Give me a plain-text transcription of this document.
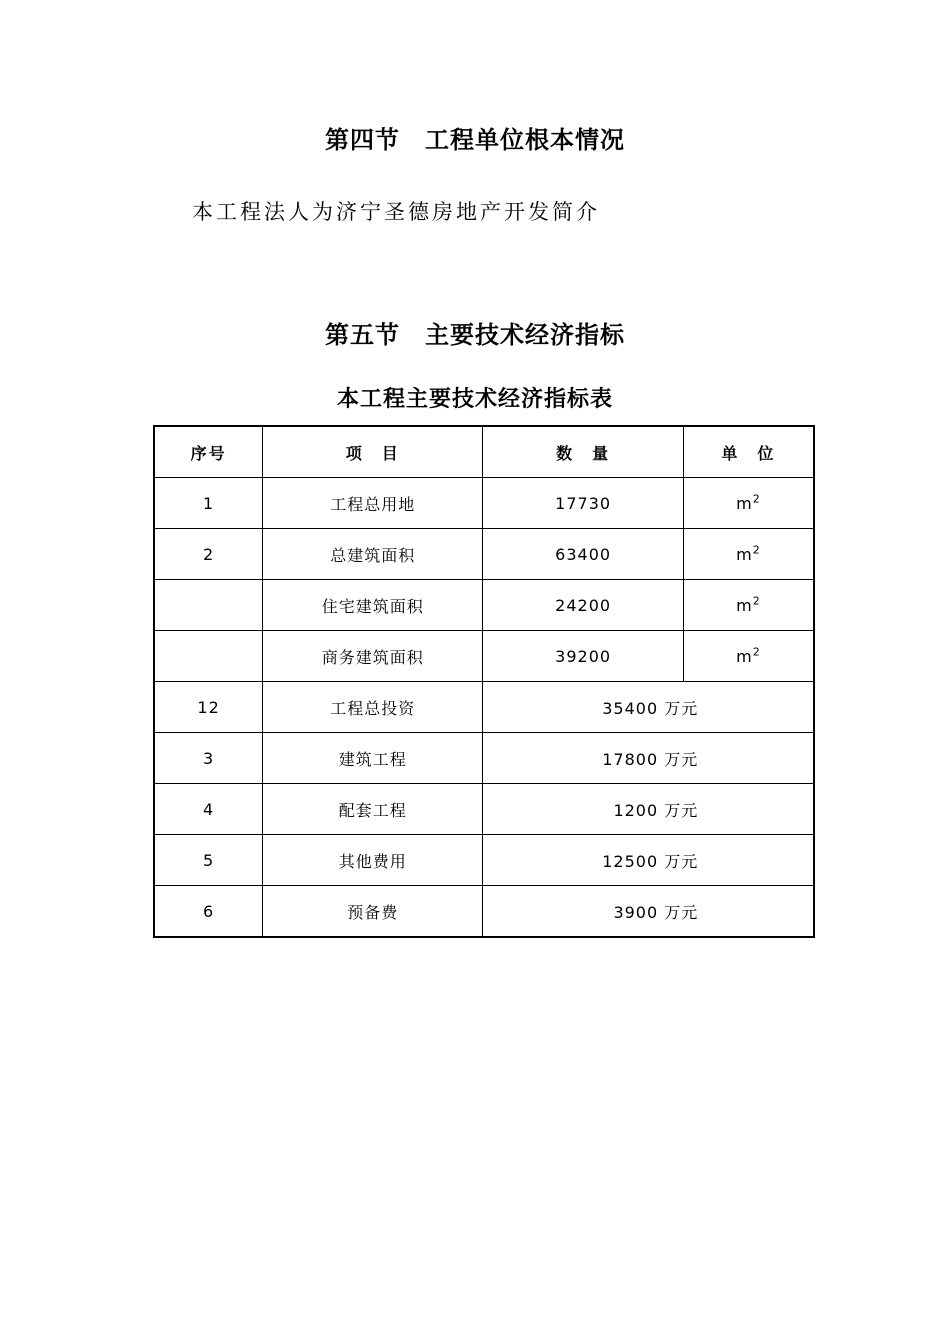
第四节　工程单位根本情况
本工程法人为济宁圣德房地产开发简介
第五节　主要技术经济指标
本工程主要技术经济指标表
序号	项　目	数　量	单　位
1	工程总用地	17730	$m^2$
2	总建筑面积	63400	$m^2$
	住宅建筑面积	24200	$m^2$
	商务建筑面积	39200	$m^2$
12	工程总投资	35400 万元	
3	建筑工程	17800 万元	
4	配套工程	1200 万元	
5	其他费用	12500 万元	
6	预备费	3900 万元	
